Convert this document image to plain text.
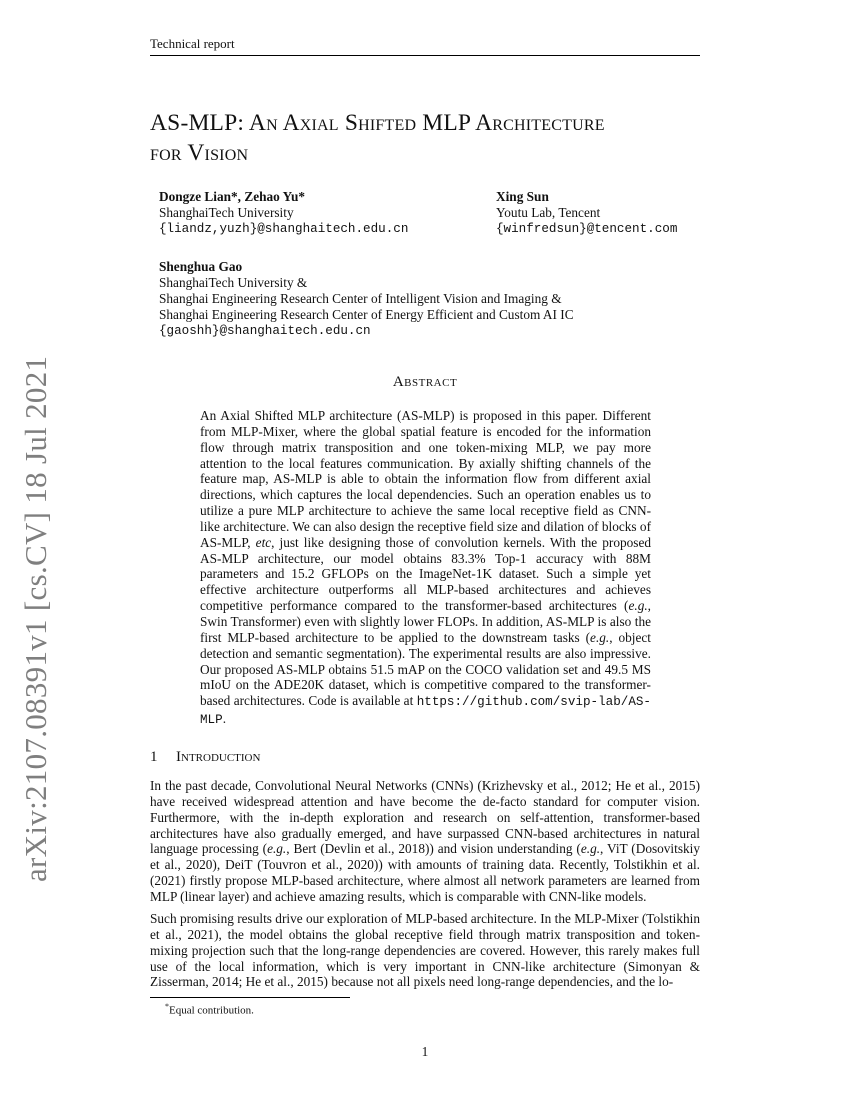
Technical report
AS-MLP: An Axial Shifted MLP Architecture
for Vision
Dongze Lian*, Zehao Yu*
ShanghaiTech University
{liandz,yuzh}@shanghaitech.edu.cn
Xing Sun
Youtu Lab, Tencent
{winfredsun}@tencent.com
Shenghua Gao
ShanghaiTech University &
Shanghai Engineering Research Center of Intelligent Vision and Imaging &
Shanghai Engineering Research Center of Energy Efficient and Custom AI IC
{gaoshh}@shanghaitech.edu.cn
Abstract
An Axial Shifted MLP architecture (AS-MLP) is proposed in this paper. Different from MLP-Mixer, where the global spatial feature is encoded for the information flow through matrix transposition and one token-mixing MLP, we pay more attention to the local features communication. By axially shifting channels of the feature map, AS-MLP is able to obtain the information flow from different axial directions, which captures the local dependencies. Such an operation enables us to utilize a pure MLP architecture to achieve the same local receptive field as CNN-like architecture. We can also design the receptive field size and dilation of blocks of AS-MLP, etc, just like designing those of convolution kernels. With the proposed AS-MLP architecture, our model obtains 83.3% Top-1 accuracy with 88M parameters and 15.2 GFLOPs on the ImageNet-1K dataset. Such a simple yet effective architecture outperforms all MLP-based architectures and achieves competitive performance compared to the transformer-based architectures (e.g., Swin Transformer) even with slightly lower FLOPs. In addition, AS-MLP is also the first MLP-based architecture to be applied to the downstream tasks (e.g., object detection and semantic segmentation). The experimental results are also impressive. Our proposed AS-MLP obtains 51.5 mAP on the COCO validation set and 49.5 MS mIoU on the ADE20K dataset, which is competitive compared to the transformer-based architectures. Code is available at https://github.com/svip-lab/AS-MLP.
1 Introduction
In the past decade, Convolutional Neural Networks (CNNs) (Krizhevsky et al., 2012; He et al., 2015) have received widespread attention and have become the de-facto standard for computer vision. Furthermore, with the in-depth exploration and research on self-attention, transformer-based architectures have also gradually emerged, and have surpassed CNN-based architectures in natural language processing (e.g., Bert (Devlin et al., 2018)) and vision understanding (e.g., ViT (Dosovitskiy et al., 2020), DeiT (Touvron et al., 2020)) with amounts of training data. Recently, Tolstikhin et al. (2021) firstly propose MLP-based architecture, where almost all network parameters are learned from MLP (linear layer) and achieve amazing results, which is comparable with CNN-like models.
Such promising results drive our exploration of MLP-based architecture. In the MLP-Mixer (Tolstikhin et al., 2021), the model obtains the global receptive field through matrix transposition and token-mixing projection such that the long-range dependencies are covered. However, this rarely makes full use of the local information, which is very important in CNN-like architecture (Simonyan & Zisserman, 2014; He et al., 2015) because not all pixels need long-range dependencies, and the lo-
*Equal contribution.
1
arXiv:2107.08391v1 [cs.CV] 18 Jul 2021
